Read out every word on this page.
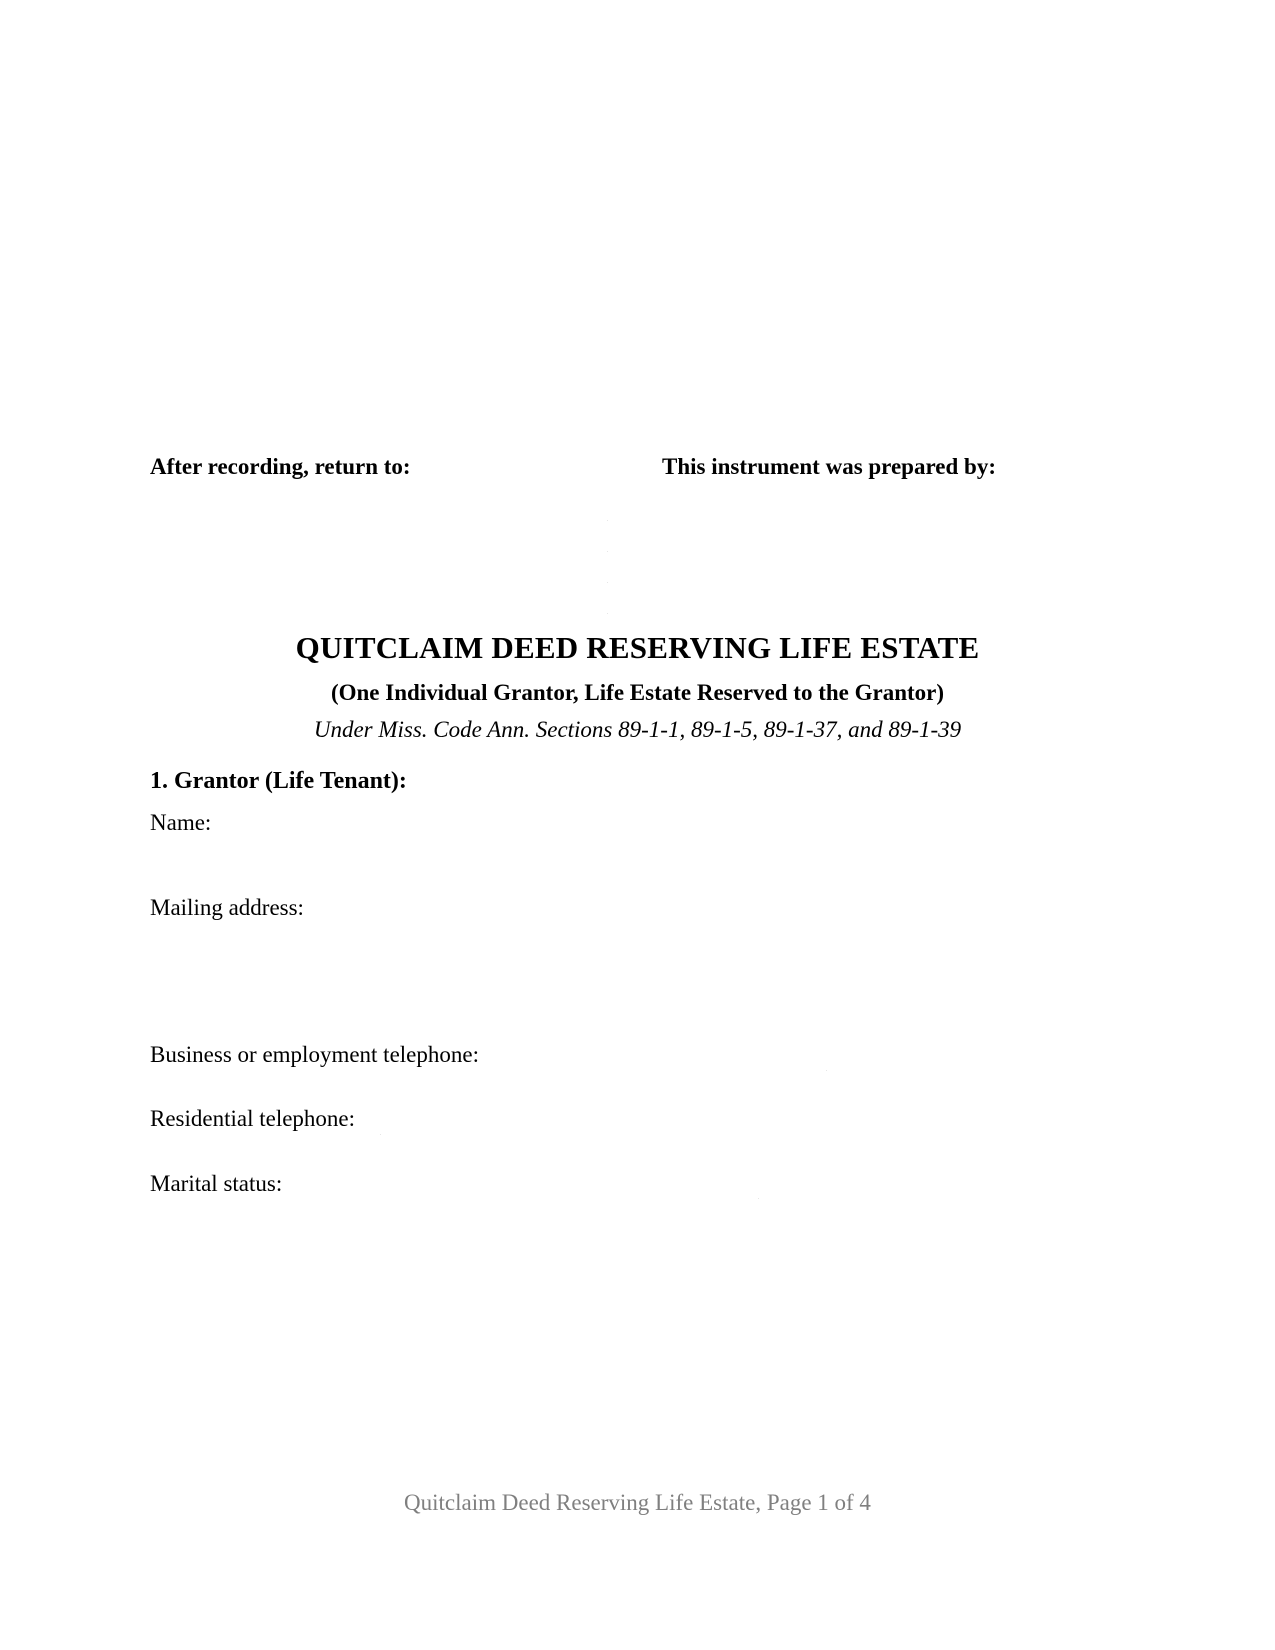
After recording, return to:	This instrument was prepared by:
QUITCLAIM DEED RESERVING LIFE ESTATE
(One Individual Grantor, Life Estate Reserved to the Grantor)
Under Miss. Code Ann. Sections 89-1-1, 89-1-5, 89-1-37, and 89-1-39
1. Grantor (Life Tenant):
Name:
Mailing address:
Business or employment telephone:
Residential telephone:
Marital status:
Quitclaim Deed Reserving Life Estate, Page 1 of 4
